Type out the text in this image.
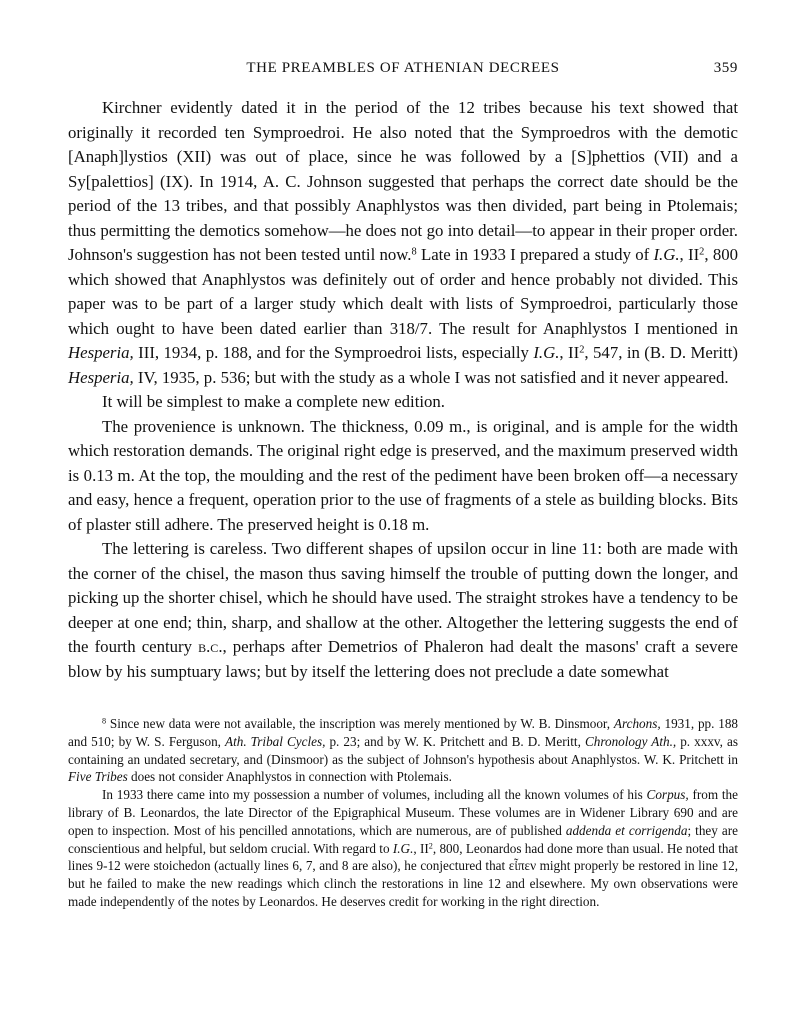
THE PREAMBLES OF ATHENIAN DECREES	359

Kirchner evidently dated it in the period of the 12 tribes because his text showed that originally it recorded ten Symproedroi. He also noted that the Symproedros with the demotic [Anaph]lystios (XII) was out of place, since he was followed by a [S]phettios (VII) and a Sy[palettios] (IX). In 1914, A. C. Johnson suggested that perhaps the correct date should be the period of the 13 tribes, and that possibly Anaphlystos was then divided, part being in Ptolemais; thus permitting the demotics somehow—he does not go into detail—to appear in their proper order. Johnson's suggestion has not been tested until now.$^8$ Late in 1933 I prepared a study of I.G., $II^2$, 800 which showed that Anaphlystos was definitely out of order and hence probably not divided. This paper was to be part of a larger study which dealt with lists of Symproedroi, particularly those which ought to have been dated earlier than 318/7. The result for Anaphlystos I mentioned in Hesperia, III, 1934, p. 188, and for the Symproedroi lists, especially I.G., $II^2$, 547, in (B. D. Meritt) Hesperia, IV, 1935, p. 536; but with the study as a whole I was not satisfied and it never appeared.

It will be simplest to make a complete new edition.

The provenience is unknown. The thickness, 0.09 m., is original, and is ample for the width which restoration demands. The original right edge is preserved, and the maximum preserved width is 0.13 m. At the top, the moulding and the rest of the pediment have been broken off—a necessary and easy, hence a frequent, operation prior to the use of fragments of a stele as building blocks. Bits of plaster still adhere. The preserved height is 0.18 m.

The lettering is careless. Two different shapes of upsilon occur in line 11: both are made with the corner of the chisel, the mason thus saving himself the trouble of putting down the longer, and picking up the shorter chisel, which he should have used. The straight strokes have a tendency to be deeper at one end; thin, sharp, and shallow at the other. Altogether the lettering suggests the end of the fourth century b.c., perhaps after Demetrios of Phaleron had dealt the masons' craft a severe blow by his sumptuary laws; but by itself the lettering does not preclude a date somewhat

$^8$ Since new data were not available, the inscription was merely mentioned by W. B. Dinsmoor, Archons, 1931, pp. 188 and 510; by W. S. Ferguson, Ath. Tribal Cycles, p. 23; and by W. K. Pritchett and B. D. Meritt, Chronology Ath., p. xxxv, as containing an undated secretary, and (Dinsmoor) as the subject of Johnson's hypothesis about Anaphlystos. W. K. Pritchett in Five Tribes does not consider Anaphlystos in connection with Ptolemais.

In 1933 there came into my possession a number of volumes, including all the known volumes of his Corpus, from the library of B. Leonardos, the late Director of the Epigraphical Museum. These volumes are in Widener Library 690 and are open to inspection. Most of his pencilled annotations, which are numerous, are of published addenda et corrigenda; they are conscientious and helpful, but seldom crucial. With regard to I.G., $II^2$, 800, Leonardos had done more than usual. He noted that lines 9-12 were stoichedon (actually lines 6, 7, and 8 are also), he conjectured that εἶπεν might properly be restored in line 12, but he failed to make the new readings which clinch the restorations in line 12 and elsewhere. My own observations were made independently of the notes by Leonardos. He deserves credit for working in the right direction.
